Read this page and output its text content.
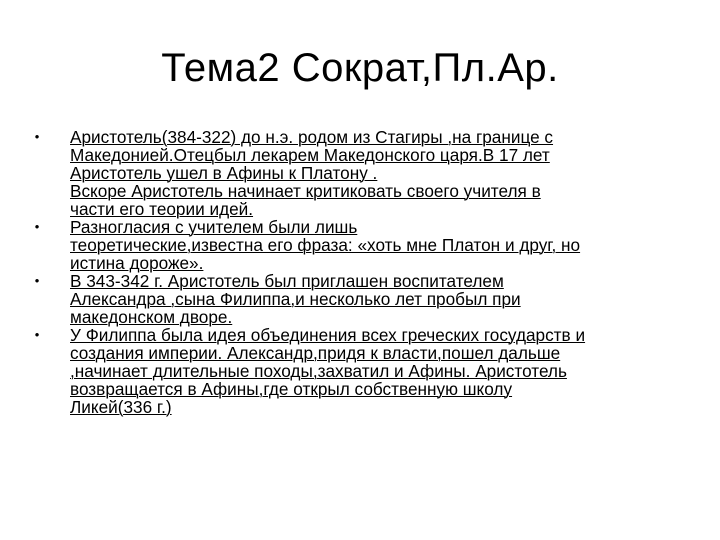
Тема2 Сократ,Пл.Ар.
• Аристотель(384-322) до н.э. родом из Стагиры ,на границе с
Македонией.Отецбыл лекарем Македонского царя.В 17 лет
Аристотель ушел в Афины к Платону .
Вскоре Аристотель начинает критиковать своего учителя в
части его теории идей.
• Разногласия с учителем были лишь
теоретические,известна его фраза: «хоть мне Платон и друг, но
истина дороже».
• В 343-342 г. Аристотель был приглашен воспитателем
Александра ,сына Филиппа,и несколько лет пробыл при
македонском дворе.
• У Филиппа была идея объединения всех греческих государств и
создания империи. Александр,придя к власти,пошел дальше
,начинает длительные походы,захватил и Афины. Аристотель
возвращается в Афины,где открыл собственную школу
Ликей(336 г.)
